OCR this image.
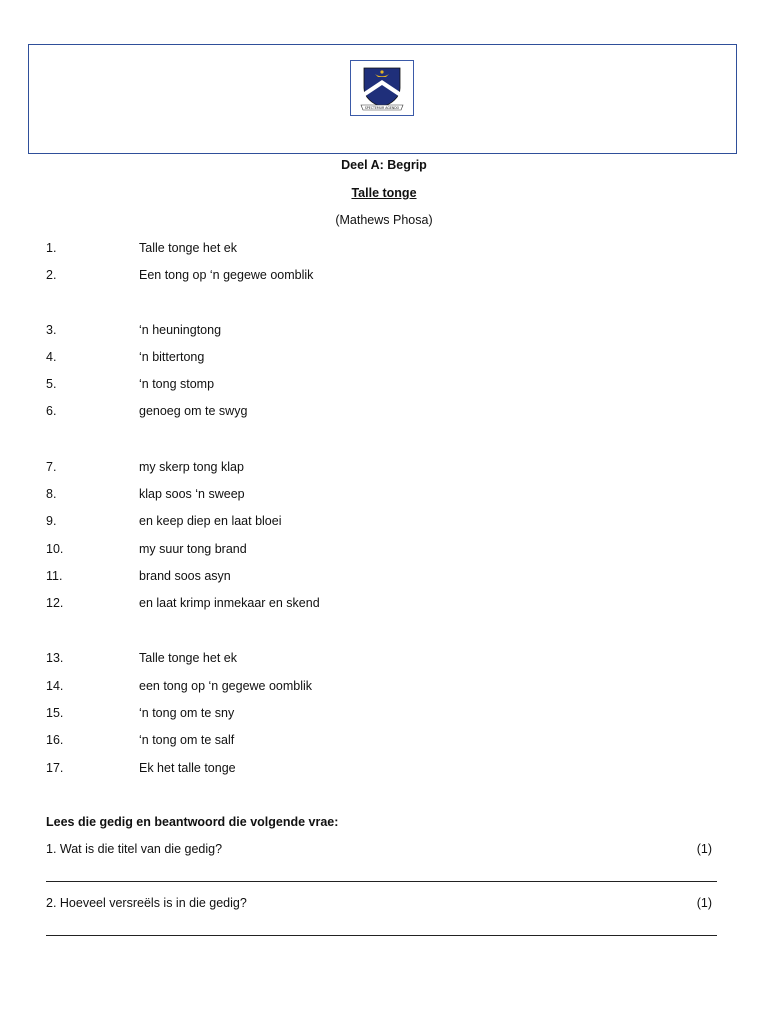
SPECTEMUR AGENDO
Deel A: Begrip
Talle tonge
(Mathews Phosa)
1.	Talle tonge het ek
2.	Een tong op ‘n gegewe oomblik
3.	‘n heuningtong
4.	‘n bittertong
5.	‘n tong stomp
6.	genoeg om te swyg
7.	my skerp tong klap
8.	klap soos ‘n sweep
9.	en keep diep en laat bloei
10.	my suur tong brand
11.	brand soos asyn
12.	en laat krimp inmekaar en skend
13.	Talle tonge het ek
14.	een tong op ‘n gegewe oomblik
15.	‘n tong om te sny
16.	‘n tong om te salf
17.	Ek het talle tonge
Lees die gedig en beantwoord die volgende vrae:
1. Wat is die titel van die gedig?	(1)
2. Hoeveel versreëls is in die gedig?	(1)
